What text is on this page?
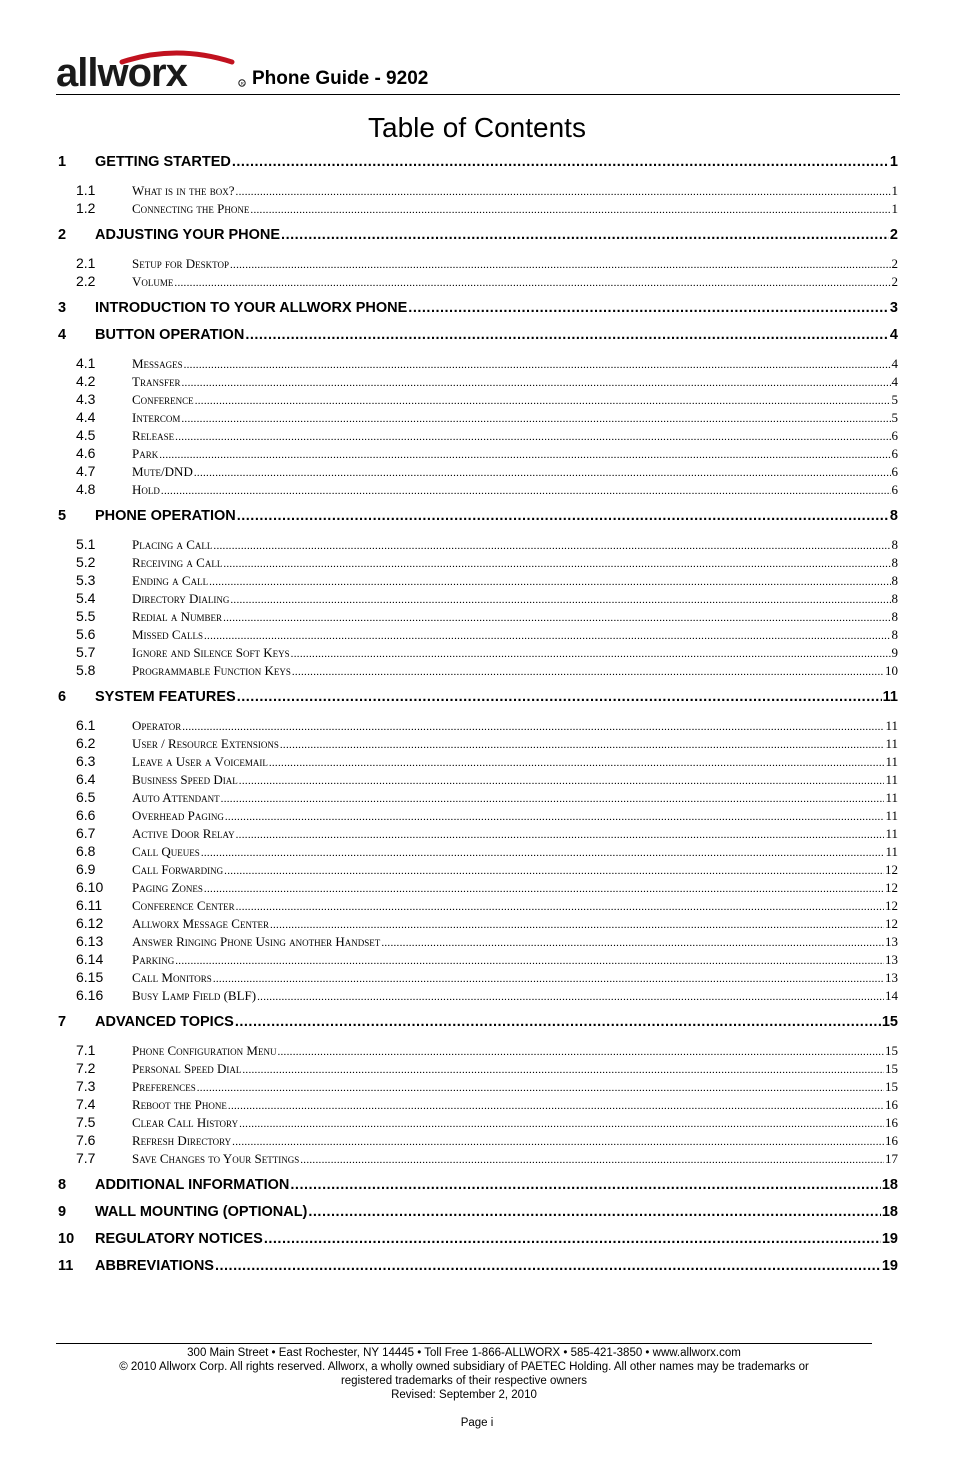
allworx	R Phone Guide - 9202
Table of Contents
1	GETTING STARTED .....	1
1.1	What is in the box? .....	1
1.2	Connecting the Phone .....	1
2	ADJUSTING YOUR PHONE .....	2
2.1	Setup for Desktop .....	2
2.2	Volume .....	2
3	INTRODUCTION TO YOUR ALLWORX PHONE .....	3
4	BUTTON OPERATION .....	4
4.1	Messages .....	4
4.2	Transfer .....	4
4.3	Conference .....	5
4.4	Intercom .....	5
4.5	Release .....	6
4.6	Park .....	6
4.7	Mute/DND .....	6
4.8	Hold .....	6
5	PHONE OPERATION .....	8
5.1	Placing a Call .....	8
5.2	Receiving a Call .....	8
5.3	Ending a Call .....	8
5.4	Directory Dialing .....	8
5.5	Redial a Number .....	8
5.6	Missed Calls .....	8
5.7	Ignore and Silence Soft Keys .....	9
5.8	Programmable Function Keys .....	10
6	SYSTEM FEATURES .....	11
6.1	Operator .....	11
6.2	User / Resource Extensions .....	11
6.3	Leave a User a Voicemail .....	11
6.4	Business Speed Dial .....	11
6.5	Auto Attendant .....	11
6.6	Overhead Paging .....	11
6.7	Active Door Relay .....	11
6.8	Call Queues .....	11
6.9	Call Forwarding .....	12
6.10	Paging Zones .....	12
6.11	Conference Center .....	12
6.12	Allworx Message Center .....	12
6.13	Answer Ringing Phone Using another Handset .....	13
6.14	Parking .....	13
6.15	Call Monitors .....	13
6.16	Busy Lamp Field (BLF) .....	14
7	ADVANCED TOPICS .....	15
7.1	Phone Configuration Menu .....	15
7.2	Personal Speed Dial .....	15
7.3	Preferences .....	15
7.4	Reboot the Phone .....	16
7.5	Clear Call History .....	16
7.6	Refresh Directory .....	16
7.7	Save Changes to Your Settings .....	17
8	ADDITIONAL INFORMATION .....	18
9	WALL MOUNTING (OPTIONAL) .....	18
10	REGULATORY NOTICES .....	19
11	ABBREVIATIONS .....	19
300 Main Street • East Rochester, NY 14445 • Toll Free 1-866-ALLWORX • 585-421-3850 • www.allworx.com
© 2010 Allworx Corp. All rights reserved. Allworx, a wholly owned subsidiary of PAETEC Holding. All other names may be trademarks or
registered trademarks of their respective owners
Revised: September 2, 2010
Page i
